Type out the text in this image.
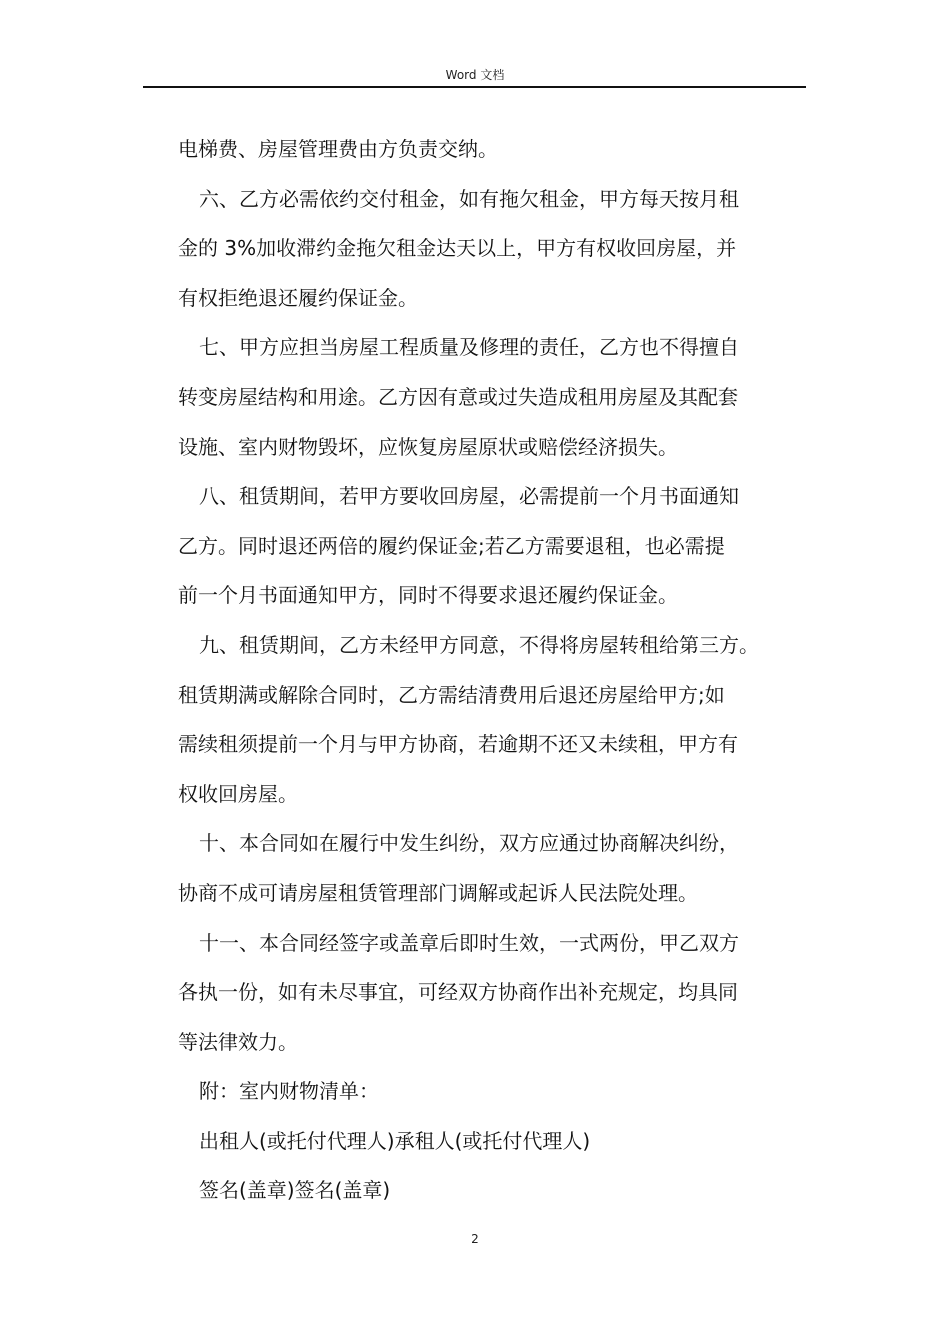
Word 文档
电梯费、房屋管理费由方负责交纳。
六、乙方必需依约交付租金，如有拖欠租金，甲方每天按月租
金的 3%加收滞约金拖欠租金达天以上，甲方有权收回房屋，并
有权拒绝退还履约保证金。
七、甲方应担当房屋工程质量及修理的责任，乙方也不得擅自
转变房屋结构和用途。乙方因有意或过失造成租用房屋及其配套
设施、室内财物毁坏，应恢复房屋原状或赔偿经济损失。
八、租赁期间，若甲方要收回房屋，必需提前一个月书面通知
乙方。同时退还两倍的履约保证金;若乙方需要退租，也必需提
前一个月书面通知甲方，同时不得要求退还履约保证金。
九、租赁期间，乙方未经甲方同意，不得将房屋转租给第三方。
租赁期满或解除合同时，乙方需结清费用后退还房屋给甲方;如
需续租须提前一个月与甲方协商，若逾期不还又未续租，甲方有
权收回房屋。
十、本合同如在履行中发生纠纷，双方应通过协商解决纠纷，
协商不成可请房屋租赁管理部门调解或起诉人民法院处理。
十一、本合同经签字或盖章后即时生效，一式两份，甲乙双方
各执一份，如有未尽事宜，可经双方协商作出补充规定，均具同
等法律效力。
附：室内财物清单：
出租人(或托付代理人)承租人(或托付代理人)
签名(盖章)签名(盖章)
2
